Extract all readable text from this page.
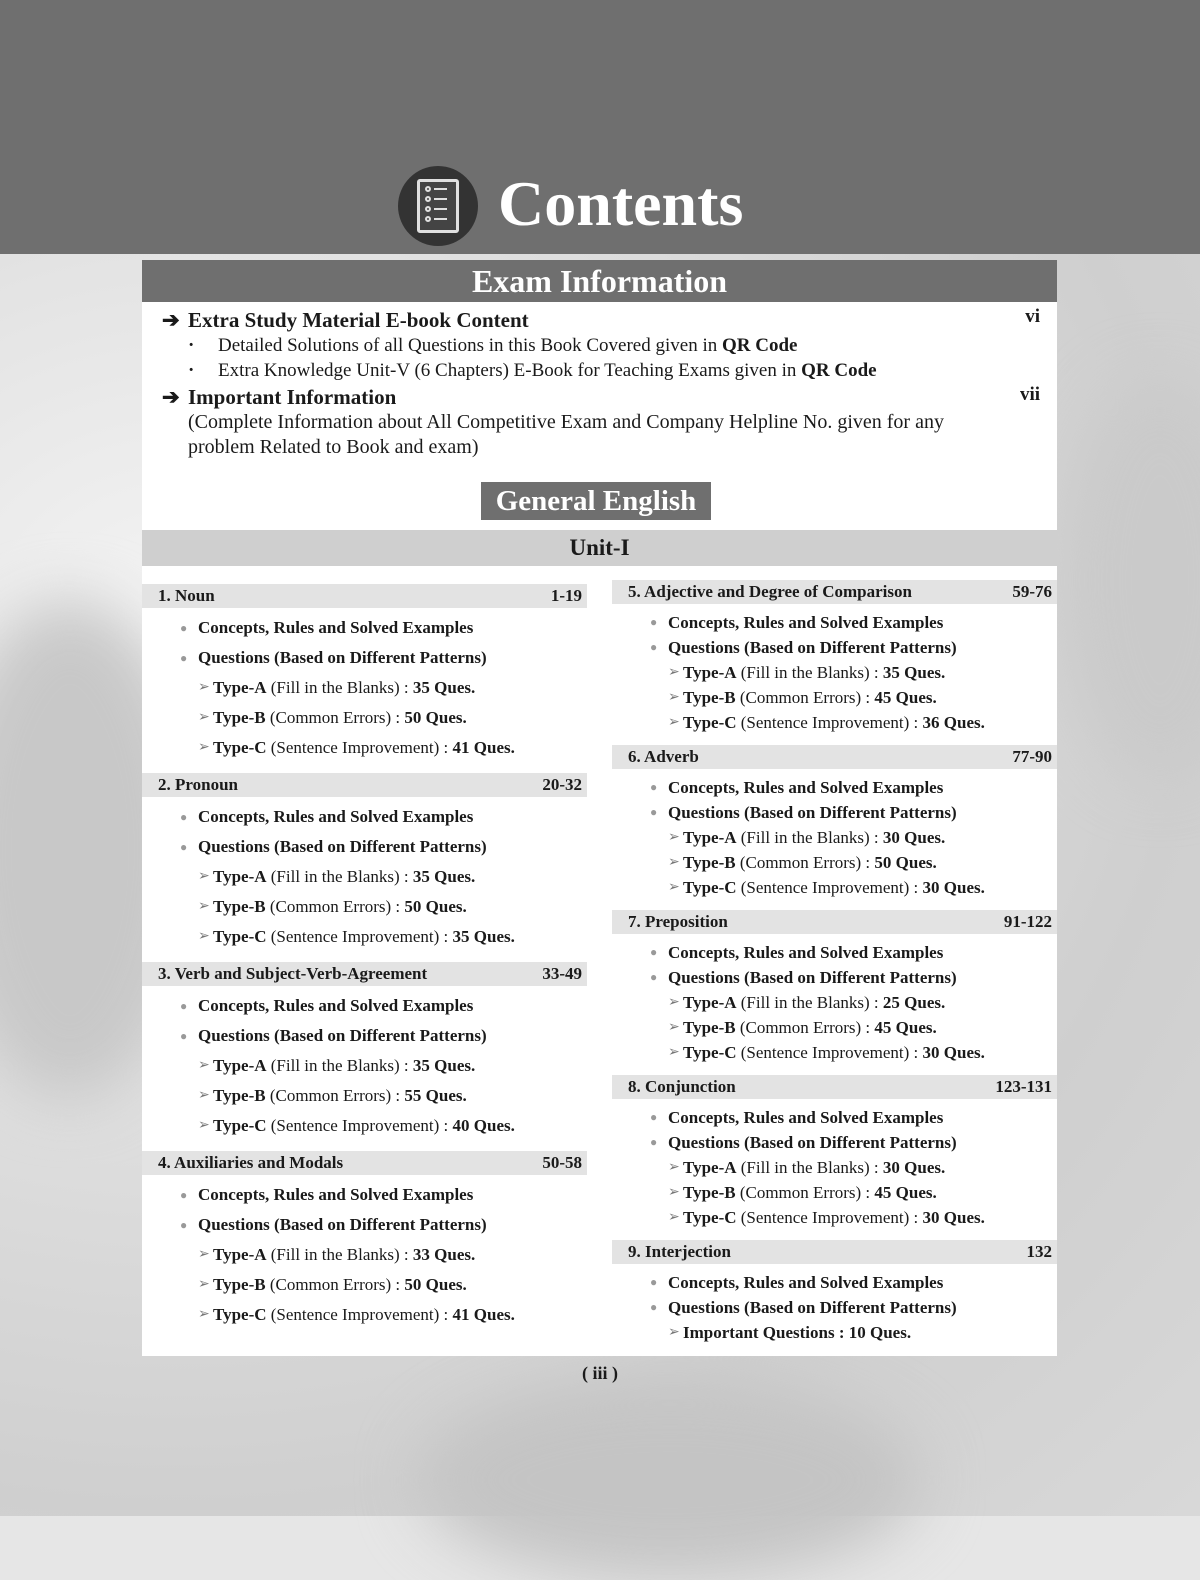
Contents
Exam Information
➔ Extra Study Material E-book Content	vi
· Detailed Solutions of all Questions in this Book Covered given in QR Code
· Extra Knowledge Unit-V (6 Chapters) E-Book for Teaching Exams given in QR Code
➔ Important Information	vii
(Complete Information about All Competitive Exam and Company Helpline No. given for any problem Related to Book and exam)
General English
Unit-I
1. Noun	1-19
● Concepts, Rules and Solved Examples
● Questions (Based on Different Patterns)
➢ Type-A (Fill in the Blanks) : 35 Ques.
➢ Type-B (Common Errors) : 50 Ques.
➢ Type-C (Sentence Improvement) : 41 Ques.
2. Pronoun	20-32
● Concepts, Rules and Solved Examples
● Questions (Based on Different Patterns)
➢ Type-A (Fill in the Blanks) : 35 Ques.
➢ Type-B (Common Errors) : 50 Ques.
➢ Type-C (Sentence Improvement) : 35 Ques.
3. Verb and Subject-Verb-Agreement	33-49
● Concepts, Rules and Solved Examples
● Questions (Based on Different Patterns)
➢ Type-A (Fill in the Blanks) : 35 Ques.
➢ Type-B (Common Errors) : 55 Ques.
➢ Type-C (Sentence Improvement) : 40 Ques.
4. Auxiliaries and Modals	50-58
● Concepts, Rules and Solved Examples
● Questions (Based on Different Patterns)
➢ Type-A (Fill in the Blanks) : 33 Ques.
➢ Type-B (Common Errors) : 50 Ques.
➢ Type-C (Sentence Improvement) : 41 Ques.
5. Adjective and Degree of Comparison	59-76
● Concepts, Rules and Solved Examples
● Questions (Based on Different Patterns)
➢ Type-A (Fill in the Blanks) : 35 Ques.
➢ Type-B (Common Errors) : 45 Ques.
➢ Type-C (Sentence Improvement) : 36 Ques.
6. Adverb	77-90
● Concepts, Rules and Solved Examples
● Questions (Based on Different Patterns)
➢ Type-A (Fill in the Blanks) : 30 Ques.
➢ Type-B (Common Errors) : 50 Ques.
➢ Type-C (Sentence Improvement) : 30 Ques.
7. Preposition	91-122
● Concepts, Rules and Solved Examples
● Questions (Based on Different Patterns)
➢ Type-A (Fill in the Blanks) : 25 Ques.
➢ Type-B (Common Errors) : 45 Ques.
➢ Type-C (Sentence Improvement) : 30 Ques.
8. Conjunction	123-131
● Concepts, Rules and Solved Examples
● Questions (Based on Different Patterns)
➢ Type-A (Fill in the Blanks) : 30 Ques.
➢ Type-B (Common Errors) : 45 Ques.
➢ Type-C (Sentence Improvement) : 30 Ques.
9. Interjection	132
● Concepts, Rules and Solved Examples
● Questions (Based on Different Patterns)
➢ Important Questions : 10 Ques.
( iii )
